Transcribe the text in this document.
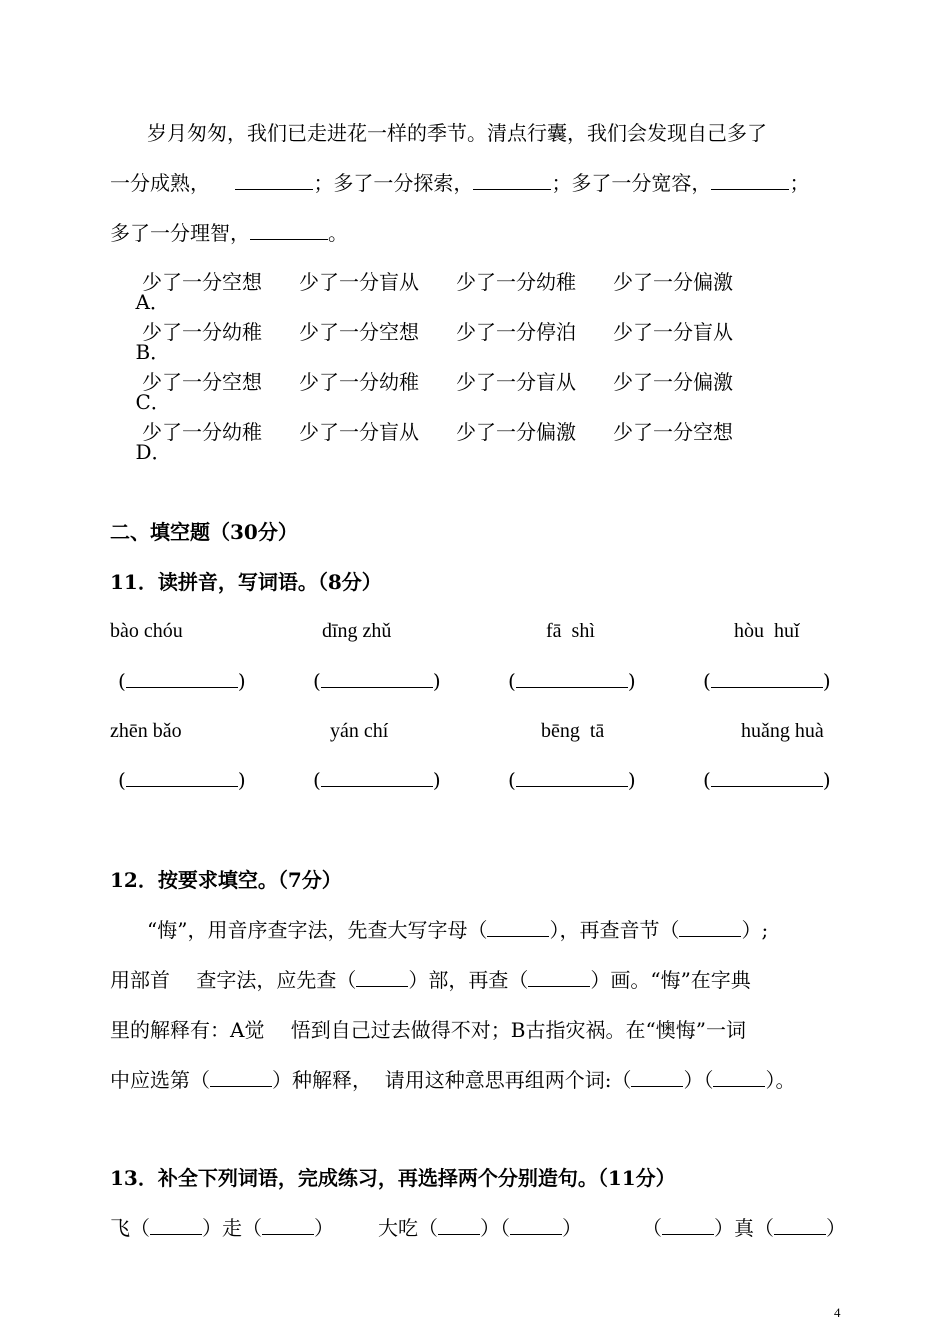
岁月匆匆，我们已走进花一样的季节。清点行囊，我们会发现自己多了
一分成熟，	；多了一分探索，	；多了一分宽容，	；
多了一分理智，	。

A．

少了一分空想 少了一分盲从 少了一分幼稚 少了一分偏激

B．

少了一分幼稚 少了一分空想 少了一分停泊 少了一分盲从

C．

少了一分空想 少了一分幼稚 少了一分盲从 少了一分偏激

D．

少了一分幼稚 少了一分盲从 少了一分偏激 少了一分空想
二、填空题（30分）
11．读拼音，写词语。（8分）
bào chóu	dīng zhǔ	fā  shì	hòu  huǐ
(	)	(	)	(	)	(	)
zhēn bǎo	yán chí	bēng  tā	huǎng huà
(	)	(	)	(	)	(	)
12．按要求填空。（7分）
“悔”，用音序查字法，先查大写字母（	），再查音节（	）;
用部首　 查字法，应先查（	）部，再查（	）画。“悔”在字典
里的解释有：A觉　 悟到自己过去做得不对；B古指灾祸。在“懊悔”一词
中应选第（	）种解释，  请用这种意思再组两个词:（	）（	）。
13．补全下列词语，完成练习，再选择两个分别造句。（11分）
飞（	）走（	） 大吃（ ）（	）	（	）真（	）
4
